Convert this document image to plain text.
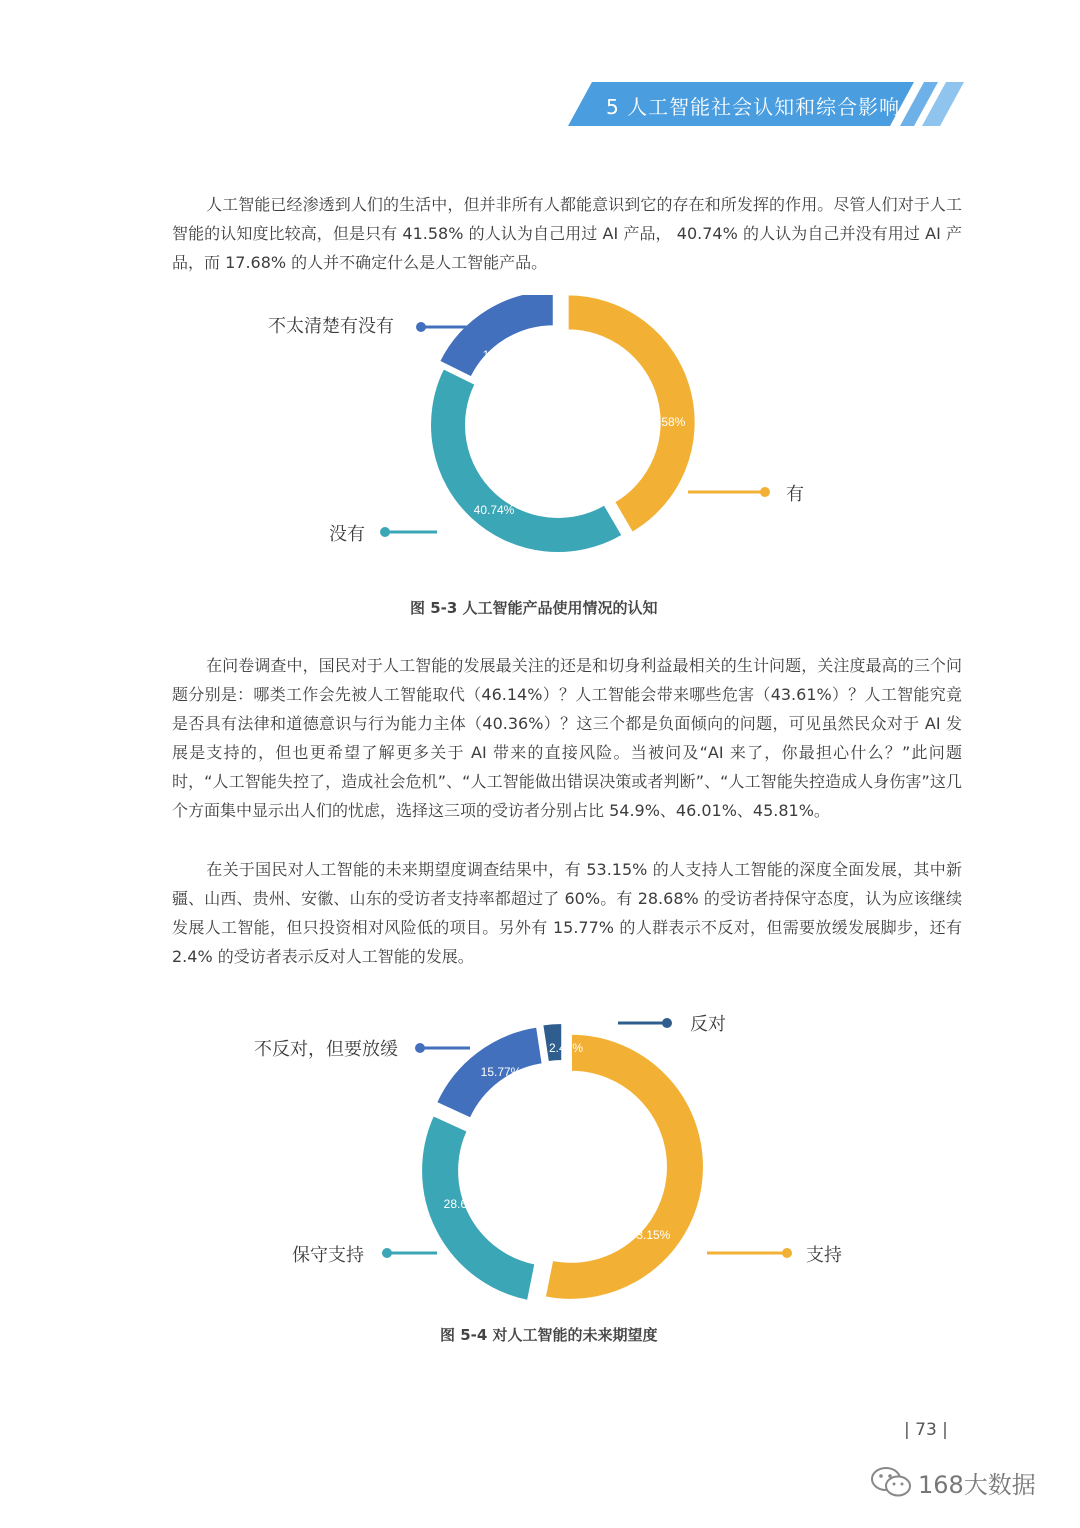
5 人工智能社会认知和综合影响

人工智能已经渗透到人们的生活中，但并非所有人都能意识到它的存在和所发挥的作用。尽管人们对于人工智能的认知度比较高，但是只有 41.58% 的人认为自己用过 AI 产品， 40.74% 的人认为自己并没有用过 AI 产品，而 17.68% 的人并不确定什么是人工智能产品。

41.58%
有
40.74%
没有
17.68%
不太清楚有没有
图 5-3 人工智能产品使用情况的认知

在问卷调查中，国民对于人工智能的发展最关注的还是和切身利益最相关的生计问题，关注度最高的三个问题分别是：哪类工作会先被人工智能取代（46.14%）？人工智能会带来哪些危害（43.61%）？人工智能究竟是否具有法律和道德意识与行为能力主体（40.36%）？这三个都是负面倾向的问题，可见虽然民众对于 AI 发展是支持的，但也更希望了解更多关于 AI 带来的直接风险。当被问及“AI 来了，你最担心什么？”此问题时，“人工智能失控了，造成社会危机”、“人工智能做出错误决策或者判断”、“人工智能失控造成人身伤害”这几个方面集中显示出人们的忧虑，选择这三项的受访者分别占比 54.9%、46.01%、45.81%。

在关于国民对人工智能的未来期望度调查结果中，有 53.15% 的人支持人工智能的深度全面发展，其中新疆、山西、贵州、安徽、山东的受访者支持率都超过了 60%。有 28.68% 的受访者持保守态度，认为应该继续发展人工智能，但只投资相对风险低的项目。另外有 15.77% 的人群表示不反对，但需要放缓发展脚步，还有 2.4% 的受访者表示反对人工智能的发展。

53.15%
支持
28.68%
保守支持
15.77%
不反对，但要放缓	2.40%
反对
图 5-4 对人工智能的未来期望度
| 73 |
168大数据
